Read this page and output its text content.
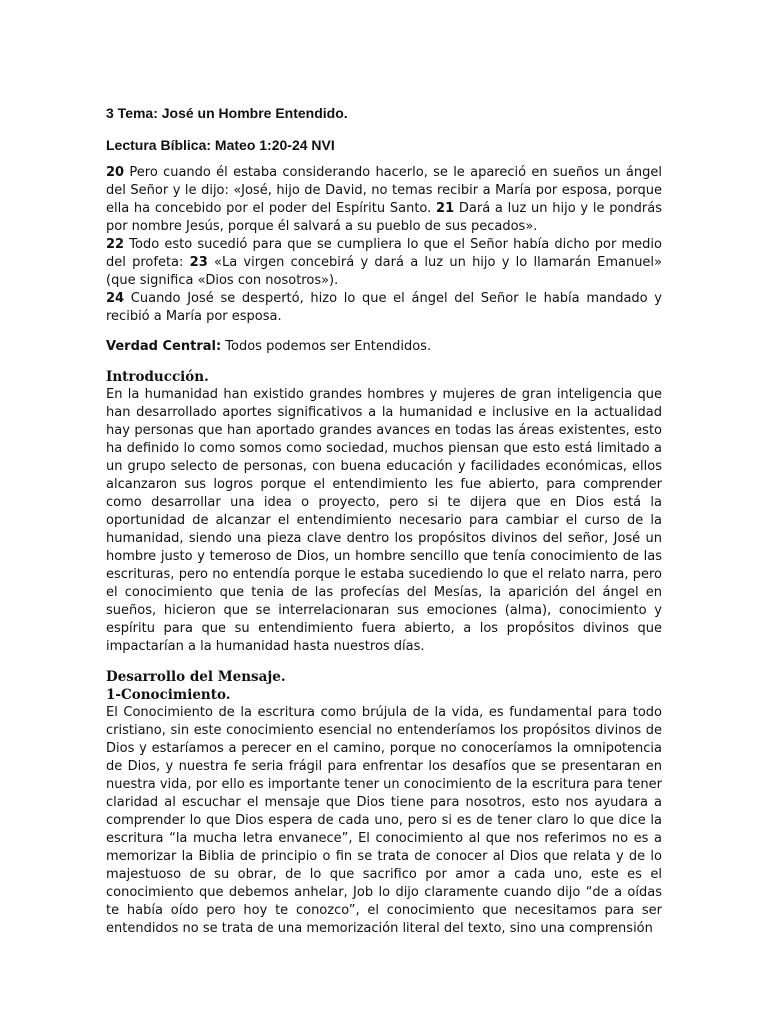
3 Tema: José un Hombre Entendido.
Lectura Bíblica: Mateo 1:20-24 NVI

20 Pero cuando él estaba considerando hacerlo, se le apareció en sueños un ángel del Señor y le dijo: «José, hijo de David, no temas recibir a María por esposa, porque ella ha concebido por el poder del Espíritu Santo. 21 Dará a luz un hijo y le pondrás por nombre Jesús, porque él salvará a su pueblo de sus pecados».
22 Todo esto sucedió para que se cumpliera lo que el Señor había dicho por medio del profeta: 23 «La virgen concebirá y dará a luz un hijo y lo llamarán Emanuel» (que significa «Dios con nosotros»).
24 Cuando José se despertó, hizo lo que el ángel del Señor le había mandado y recibió a María por esposa.

Verdad Central: Todos podemos ser Entendidos.

Introducción.

En la humanidad han existido grandes hombres y mujeres de gran inteligencia que han desarrollado aportes significativos a la humanidad e inclusive en la actualidad hay personas que han aportado grandes avances en todas las áreas existentes, esto ha definido lo como somos como sociedad, muchos piensan que esto está limitado a un grupo selecto de personas, con buena educación y facilidades económicas, ellos alcanzaron sus logros porque el entendimiento les fue abierto, para comprender como desarrollar una idea o proyecto, pero si te dijera que en Dios está la oportunidad de alcanzar el entendimiento necesario para cambiar el curso de la humanidad, siendo una pieza clave dentro los propósitos divinos del señor, José un hombre justo y temeroso de Dios, un hombre sencillo que tenía conocimiento de las escrituras, pero no entendía porque le estaba sucediendo lo que el relato narra, pero el conocimiento que tenia de las profecías del Mesías, la aparición del ángel en sueños, hicieron que se interrelacionaran sus emociones (alma), conocimiento y espíritu para que su entendimiento fuera abierto, a los propósitos divinos que impactarían a la humanidad hasta nuestros días.

Desarrollo del Mensaje.
1-Conocimiento.

El Conocimiento de la escritura como brújula de la vida, es fundamental para todo cristiano, sin este conocimiento esencial no entenderíamos los propósitos divinos de Dios y estaríamos a perecer en el camino, porque no conoceríamos la omnipotencia de Dios, y nuestra fe seria frágil para enfrentar los desafíos que se presentaran en nuestra vida, por ello es importante tener un conocimiento de la escritura para tener claridad al escuchar el mensaje que Dios tiene para nosotros, esto nos ayudara a comprender lo que Dios espera de cada uno, pero si es de tener claro lo que dice la escritura “la mucha letra envanece”, El conocimiento al que nos referimos no es a memorizar la Biblia de principio o fin se trata de conocer al Dios que relata y de lo majestuoso de su obrar, de lo que sacrifico por amor a cada uno, este es el conocimiento que debemos anhelar, Job lo dijo claramente cuando dijo “de a oídas te había oído pero hoy te conozco”, el conocimiento que necesitamos para ser entendidos no se trata de una memorización literal del texto, sino una comprensión
